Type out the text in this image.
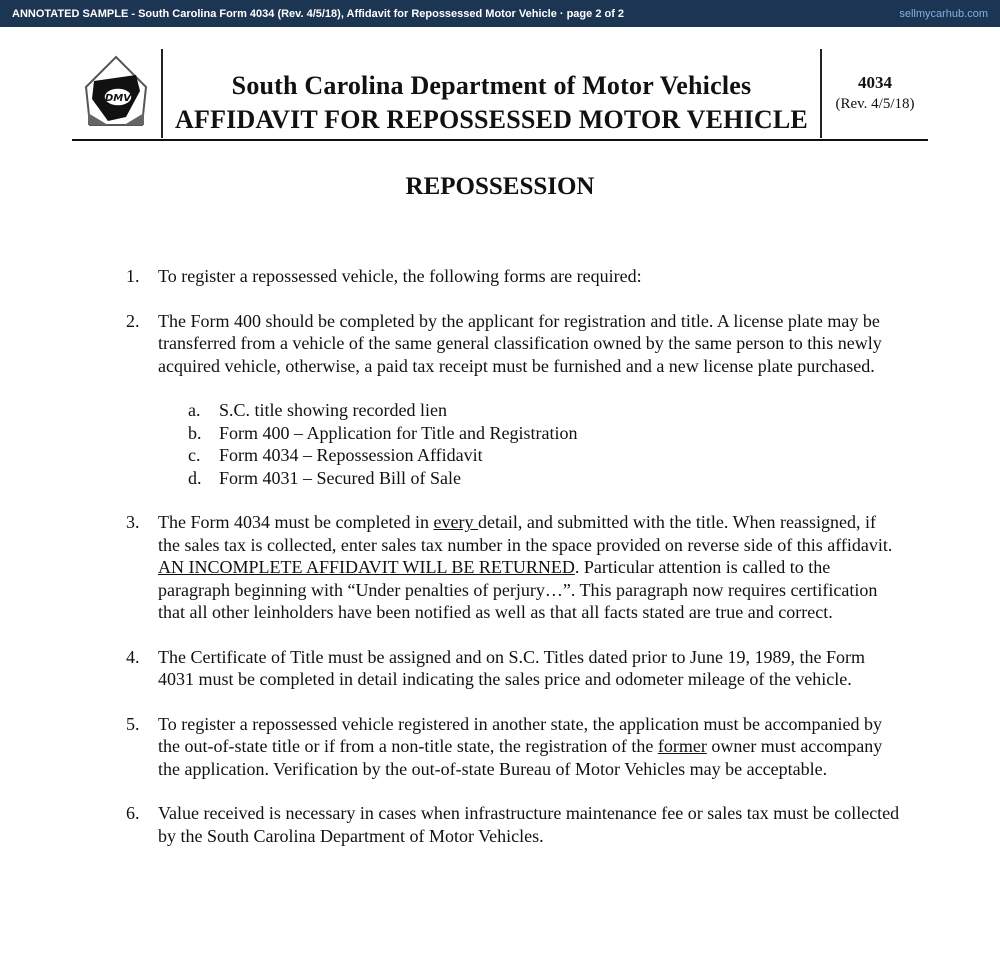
ANNOTATED SAMPLE - South Carolina Form 4034 (Rev. 4/5/18), Affidavit for Repossessed Motor Vehicle · page 2 of 2	sellmycarhub.com
DMV	South Carolina Department of Motor Vehicles
AFFIDAVIT FOR REPOSSESSED MOTOR VEHICLE
4034
(Rev. 4/5/18)
REPOSSESSION
1. To register a repossessed vehicle, the following forms are required:
2. The Form 400 should be completed by the applicant for registration and title. A license plate may be transferred from a vehicle of the same general classification owned by the same person to this newly acquired vehicle, otherwise, a paid tax receipt must be furnished and a new license plate purchased.
a. S.C. title showing recorded lien
b. Form 400 – Application for Title and Registration
c. Form 4034 – Repossession Affidavit
d. Form 4031 – Secured Bill of Sale
3. The Form 4034 must be completed in every detail, and submitted with the title. When reassigned, if the sales tax is collected, enter sales tax number in the space provided on reverse side of this affidavit. AN INCOMPLETE AFFIDAVIT WILL BE RETURNED. Particular attention is called to the paragraph beginning with “Under penalties of perjury…”. This paragraph now requires certification that all other leinholders have been notified as well as that all facts stated are true and correct.
4. The Certificate of Title must be assigned and on S.C. Titles dated prior to June 19, 1989, the Form 4031 must be completed in detail indicating the sales price and odometer mileage of the vehicle.
5. To register a repossessed vehicle registered in another state, the application must be accompanied by the out-of-state title or if from a non-title state, the registration of the former owner must accompany the application. Verification by the out-of-state Bureau of Motor Vehicles may be acceptable.
6. Value received is necessary in cases when infrastructure maintenance fee or sales tax must be collected by the South Carolina Department of Motor Vehicles.
